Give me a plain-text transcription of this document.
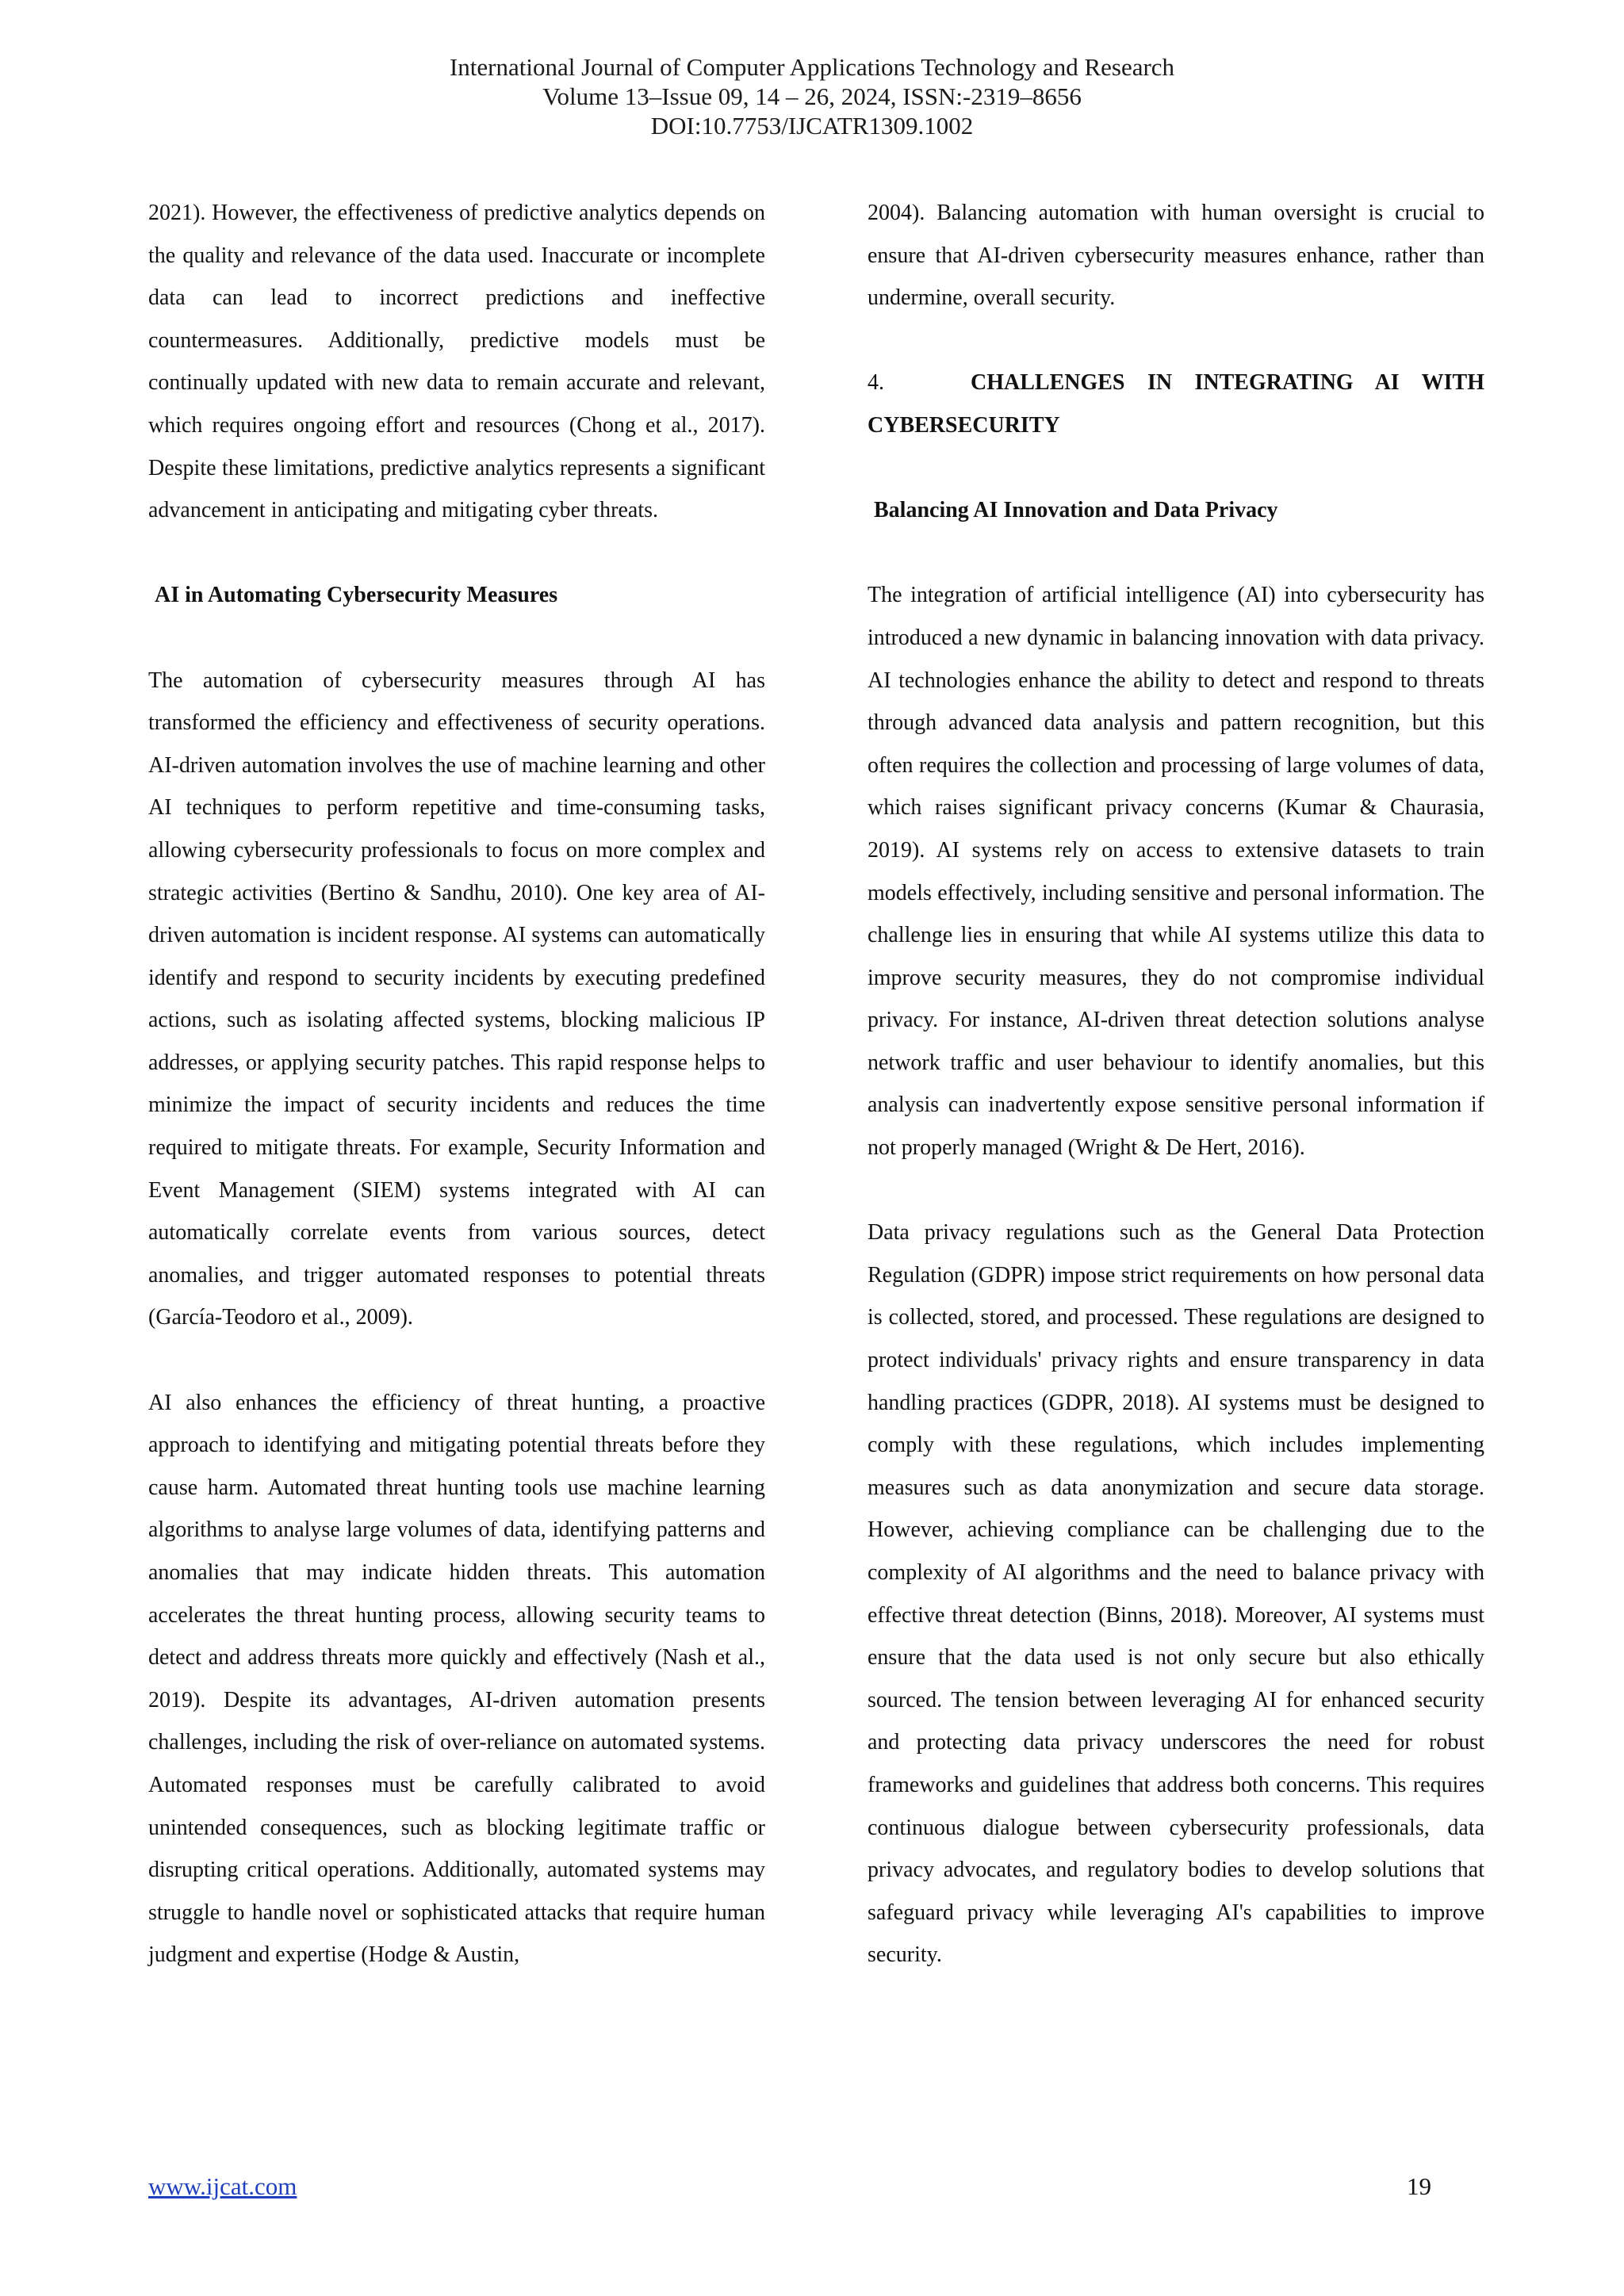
International Journal of Computer Applications Technology and Research
Volume 13–Issue 09, 14 – 26, 2024, ISSN:-2319–8656
DOI:10.7753/IJCATR1309.1002

2021). However, the effectiveness of predictive analytics depends on the quality and relevance of the data used. Inaccurate or incomplete data can lead to incorrect predictions and ineffective countermeasures. Additionally, predictive models must be continually updated with new data to remain accurate and relevant, which requires ongoing effort and resources (Chong et al., 2017). Despite these limitations, predictive analytics represents a significant advancement in anticipating and mitigating cyber threats.

AI in Automating Cybersecurity Measures

The automation of cybersecurity measures through AI has transformed the efficiency and effectiveness of security operations. AI-driven automation involves the use of machine learning and other AI techniques to perform repetitive and time-consuming tasks, allowing cybersecurity professionals to focus on more complex and strategic activities (Bertino & Sandhu, 2010). One key area of AI-driven automation is incident response. AI systems can automatically identify and respond to security incidents by executing predefined actions, such as isolating affected systems, blocking malicious IP addresses, or applying security patches. This rapid response helps to minimize the impact of security incidents and reduces the time required to mitigate threats. For example, Security Information and Event Management (SIEM) systems integrated with AI can automatically correlate events from various sources, detect anomalies, and trigger automated responses to potential threats (García-Teodoro et al., 2009).

AI also enhances the efficiency of threat hunting, a proactive approach to identifying and mitigating potential threats before they cause harm. Automated threat hunting tools use machine learning algorithms to analyse large volumes of data, identifying patterns and anomalies that may indicate hidden threats. This automation accelerates the threat hunting process, allowing security teams to detect and address threats more quickly and effectively (Nash et al., 2019). Despite its advantages, AI-driven automation presents challenges, including the risk of over-reliance on automated systems. Automated responses must be carefully calibrated to avoid unintended consequences, such as blocking legitimate traffic or disrupting critical operations. Additionally, automated systems may struggle to handle novel or sophisticated attacks that require human judgment and expertise (Hodge & Austin,

2004). Balancing automation with human oversight is crucial to ensure that AI-driven cybersecurity measures enhance, rather than undermine, overall security.

4.	CHALLENGES IN INTEGRATING AI WITH CYBERSECURITY

Balancing AI Innovation and Data Privacy

The integration of artificial intelligence (AI) into cybersecurity has introduced a new dynamic in balancing innovation with data privacy. AI technologies enhance the ability to detect and respond to threats through advanced data analysis and pattern recognition, but this often requires the collection and processing of large volumes of data, which raises significant privacy concerns (Kumar & Chaurasia, 2019). AI systems rely on access to extensive datasets to train models effectively, including sensitive and personal information. The challenge lies in ensuring that while AI systems utilize this data to improve security measures, they do not compromise individual privacy. For instance, AI-driven threat detection solutions analyse network traffic and user behaviour to identify anomalies, but this analysis can inadvertently expose sensitive personal information if not properly managed (Wright & De Hert, 2016).

Data privacy regulations such as the General Data Protection Regulation (GDPR) impose strict requirements on how personal data is collected, stored, and processed. These regulations are designed to protect individuals' privacy rights and ensure transparency in data handling practices (GDPR, 2018). AI systems must be designed to comply with these regulations, which includes implementing measures such as data anonymization and secure data storage. However, achieving compliance can be challenging due to the complexity of AI algorithms and the need to balance privacy with effective threat detection (Binns, 2018). Moreover, AI systems must ensure that the data used is not only secure but also ethically sourced. The tension between leveraging AI for enhanced security and protecting data privacy underscores the need for robust frameworks and guidelines that address both concerns. This requires continuous dialogue between cybersecurity professionals, data privacy advocates, and regulatory bodies to develop solutions that safeguard privacy while leveraging AI's capabilities to improve security.

www.ijcat.com	19
